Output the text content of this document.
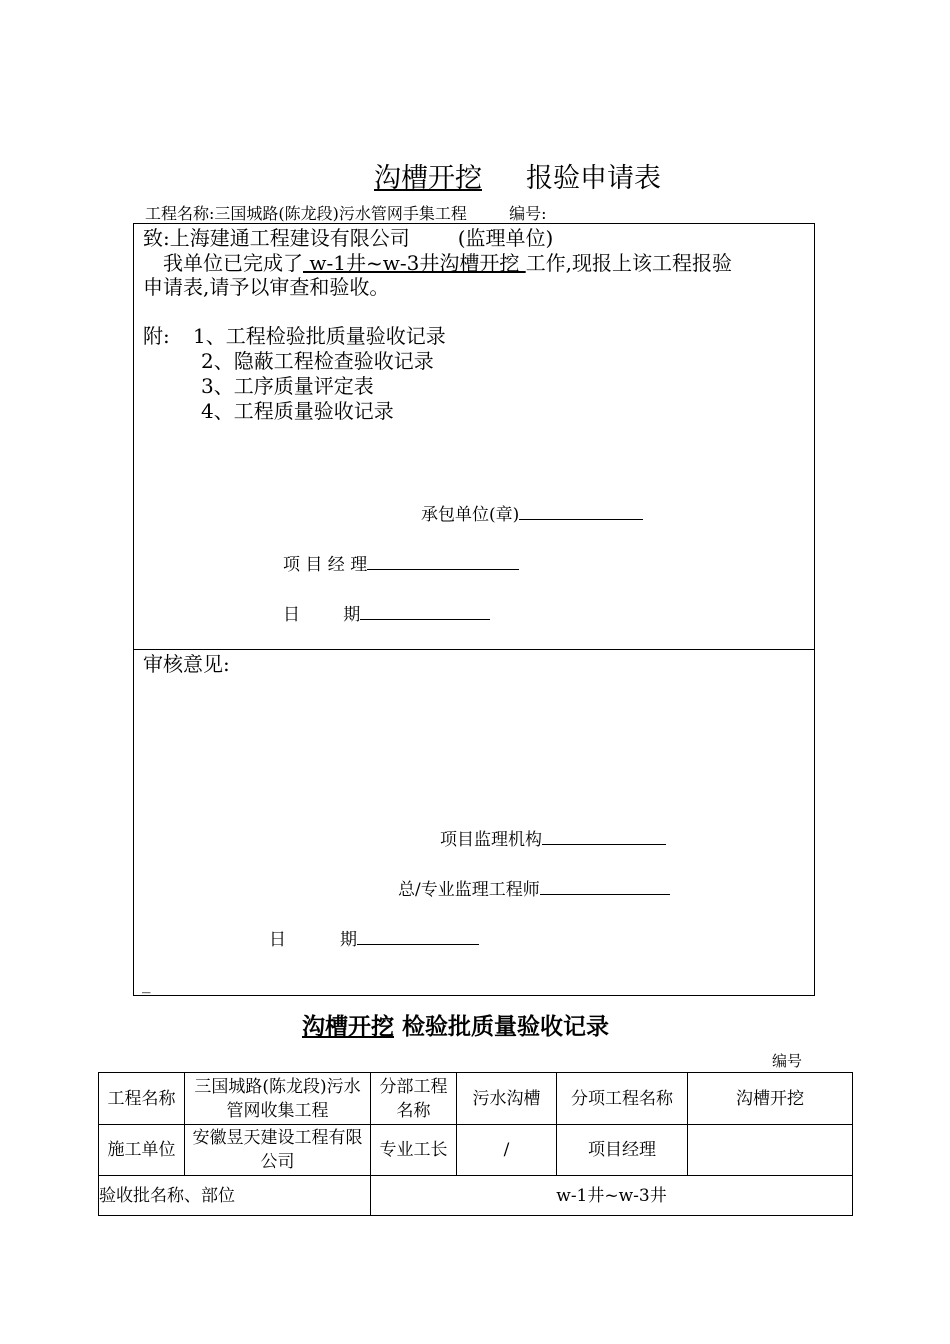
沟槽开挖 报验申请表
工程名称:三国城路(陈龙段)污水管网手集工程	编号:
致:上海建通工程建设有限公司 (监理单位)
我单位已完成了 w-1井~w-3井沟槽开挖 工作,现报上该工程报验
申请表,请予以审查和验收。
附: 1、工程检验批质量验收记录
2、隐蔽工程检查验收记录
3、工序质量评定表
4、工程质量验收记录
承包单位(章)
项 目 经 理
日        期
审核意见:
项目监理机构
总/专业监理工程师
日          期
_
沟槽开挖 检验批质量验收记录
编号
工程名称	三国城路(陈龙段)污水管网收集工程	分部工程名称	污水沟槽	分项工程名称	沟槽开挖
施工单位	安徽昱天建设工程有限公司	专业工长	/	项目经理	
验收批名称、部位		w-1井~w-3井			
